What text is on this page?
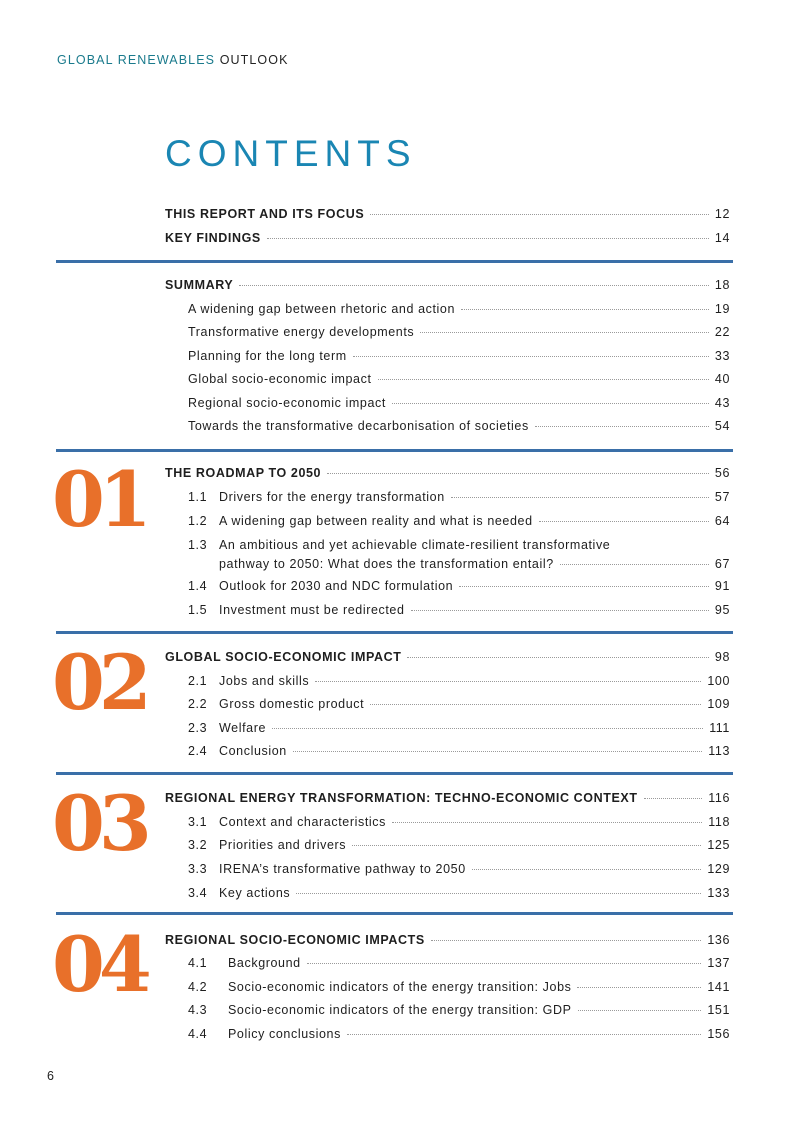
GLOBAL RENEWABLES OUTLOOK
CONTENTS
THIS REPORT AND ITS FOCUS	12
KEY FINDINGS	14
SUMMARY	18
A widening gap between rhetoric and action	19
Transformative energy developments	22
Planning for the long term	33
Global socio-economic impact	40
Regional socio-economic impact	43
Towards the transformative decarbonisation of societies	54
01 THE ROADMAP TO 2050	56
1.1 Drivers for the energy transformation	57
1.2 A widening gap between reality and what is needed	64
1.3 An ambitious and yet achievable climate-resilient transformative
pathway to 2050: What does the transformation entail?	67
1.4 Outlook for 2030 and NDC formulation	91
1.5 Investment must be redirected	95
02 GLOBAL SOCIO-ECONOMIC IMPACT	98
2.1 Jobs and skills	100
2.2 Gross domestic product	109
2.3 Welfare	111
2.4 Conclusion	113
03 REGIONAL ENERGY TRANSFORMATION: TECHNO-ECONOMIC CONTEXT	116
3.1 Context and characteristics	118
3.2 Priorities and drivers	125
3.3 IRENA’s transformative pathway to 2050	129
3.4 Key actions	133
04 REGIONAL SOCIO-ECONOMIC IMPACTS	136
4.1	Background	137
4.2	Socio-economic indicators of the energy transition: Jobs	141
4.3	Socio-economic indicators of the energy transition: GDP	151
4.4	Policy conclusions	156
6
